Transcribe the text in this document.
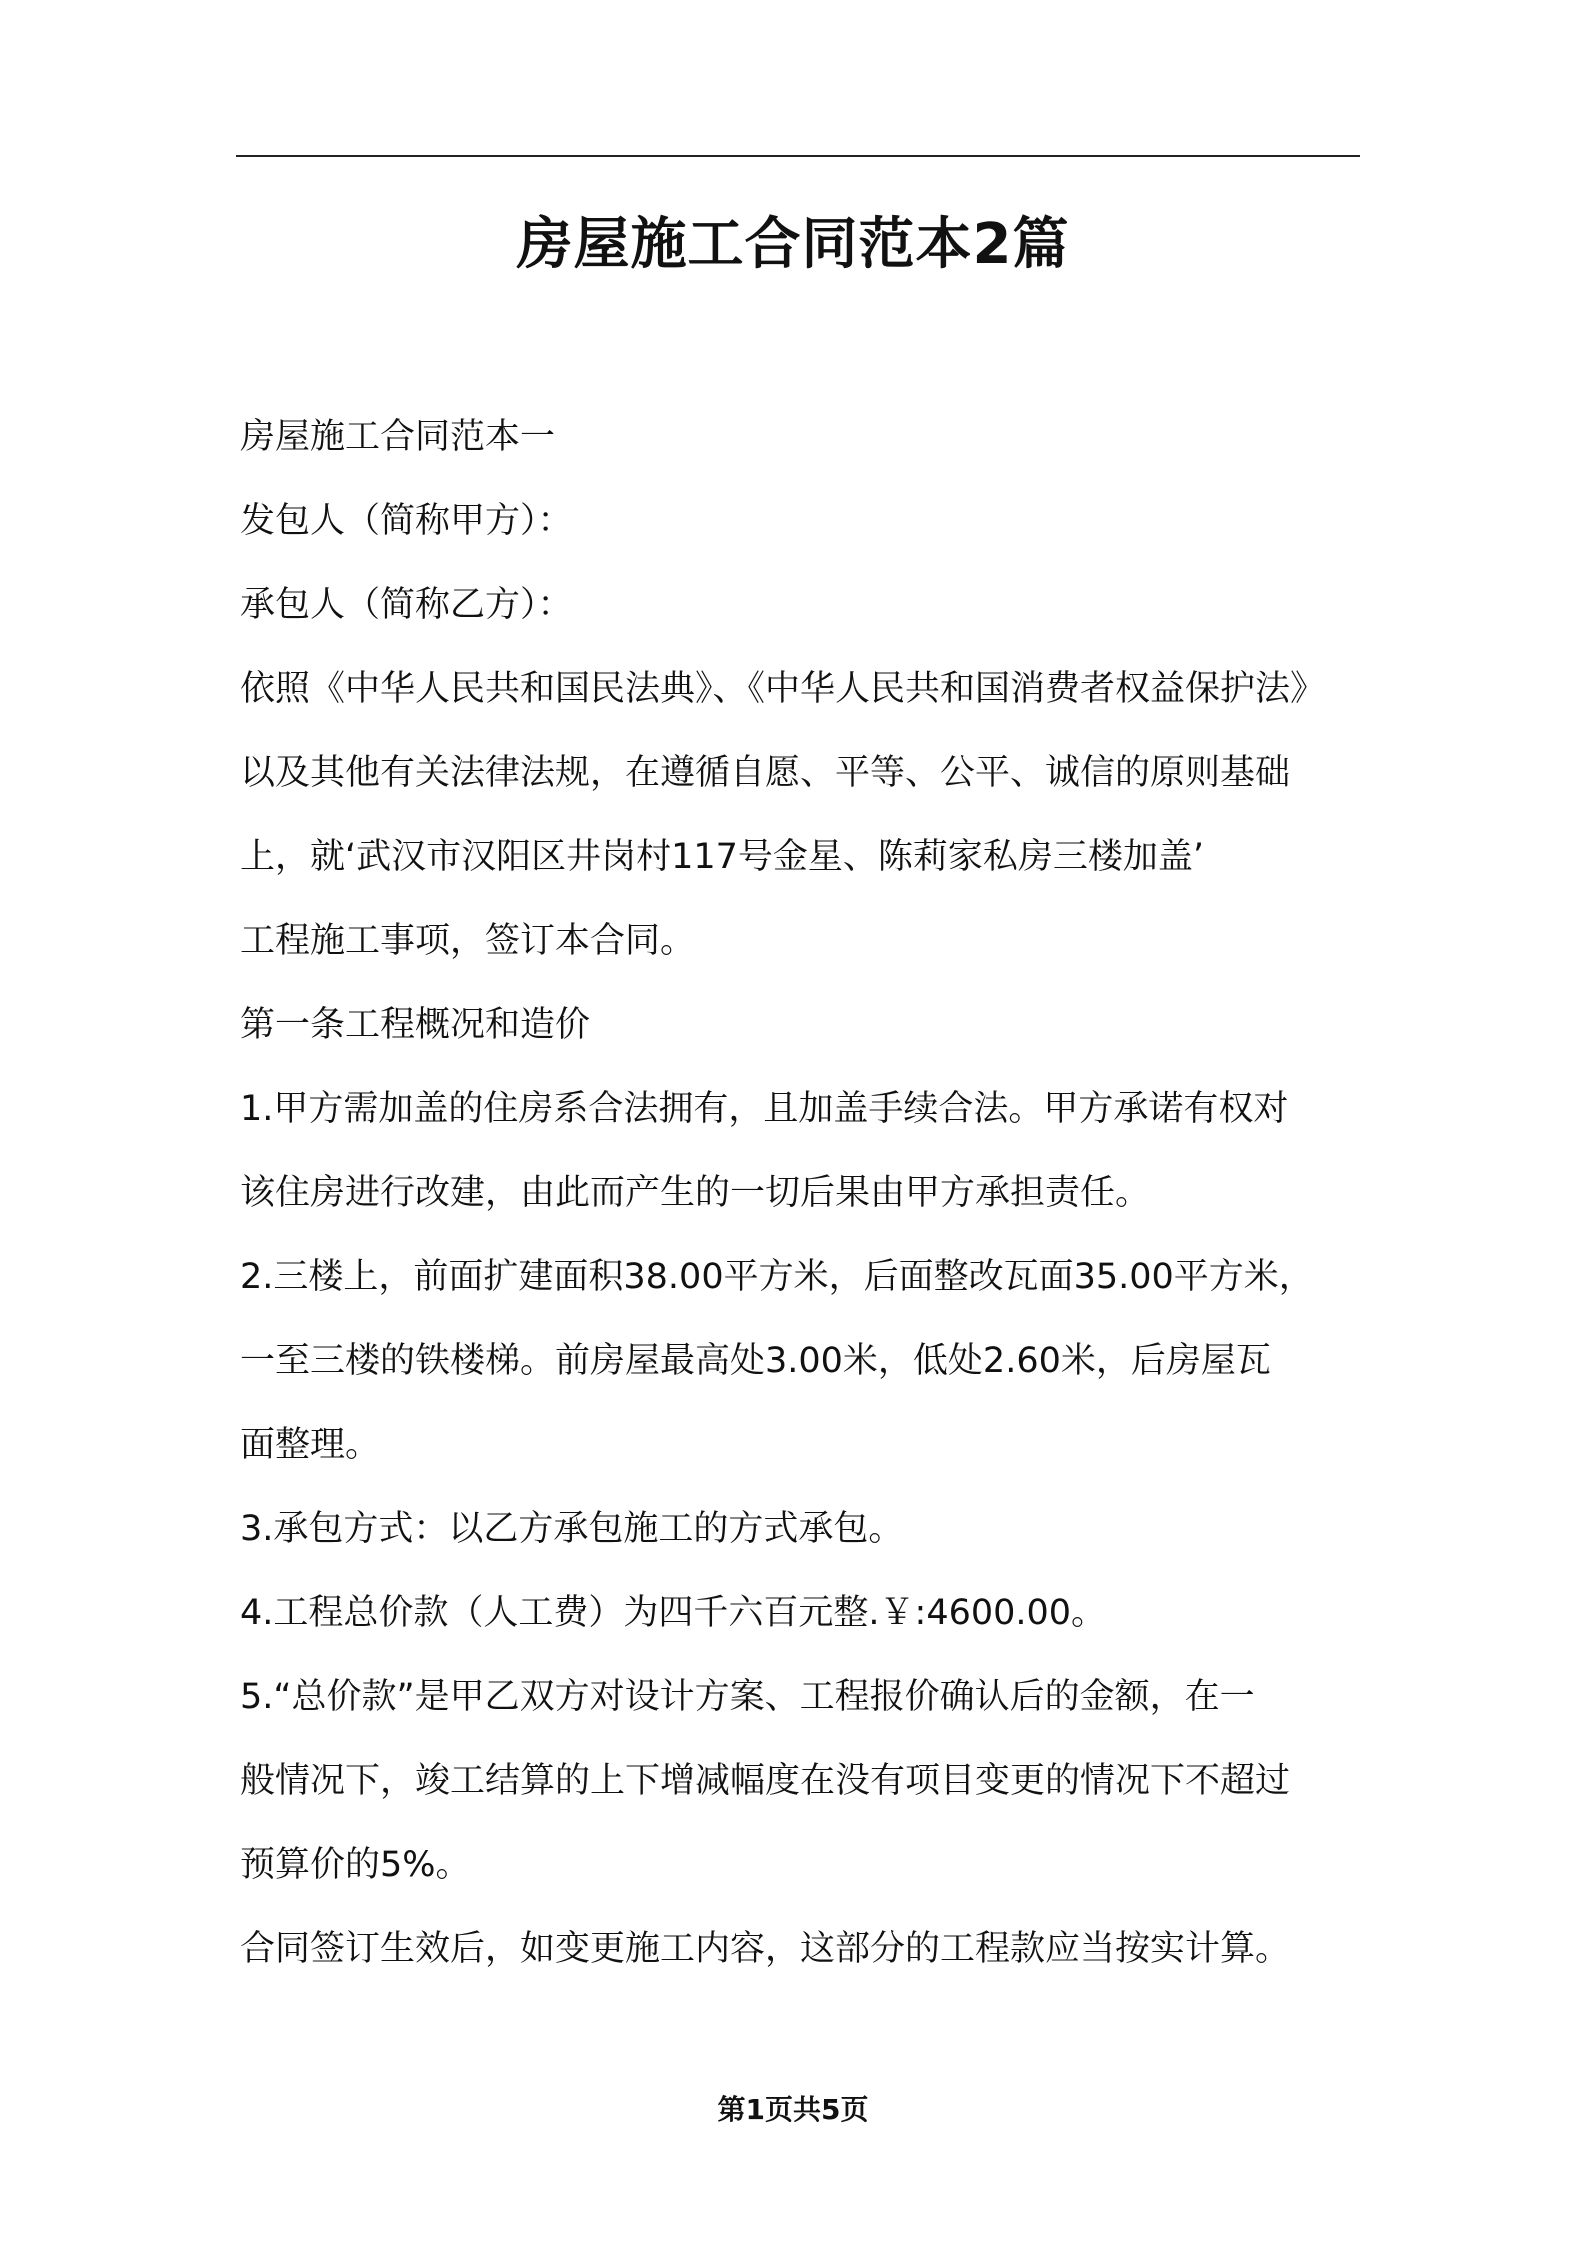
房屋施工合同范本2篇
房屋施工合同范本一
发包人（简称甲方）：
承包人（简称乙方）：
依照《中华人民共和国民法典》、《中华人民共和国消费者权益保护法》
以及其他有关法律法规，在遵循自愿、平等、公平、诚信的原则基础
上，就‘武汉市汉阳区井岗村117号金星、陈莉家私房三楼加盖’
工程施工事项，签订本合同。
第一条工程概况和造价
1.甲方需加盖的住房系合法拥有，且加盖手续合法。甲方承诺有权对
该住房进行改建，由此而产生的一切后果由甲方承担责任。
2.三楼上，前面扩建面积38.00平方米，后面整改瓦面35.00平方米，
一至三楼的铁楼梯。前房屋最高处3.00米，低处2.60米，后房屋瓦
面整理。
3.承包方式：以乙方承包施工的方式承包。
4.工程总价款（人工费）为四千六百元整.￥:4600.00。
5.“总价款”是甲乙双方对设计方案、工程报价确认后的金额，在一
般情况下，竣工结算的上下增减幅度在没有项目变更的情况下不超过
预算价的5%。
合同签订生效后，如变更施工内容，这部分的工程款应当按实计算。
第1页共5页
